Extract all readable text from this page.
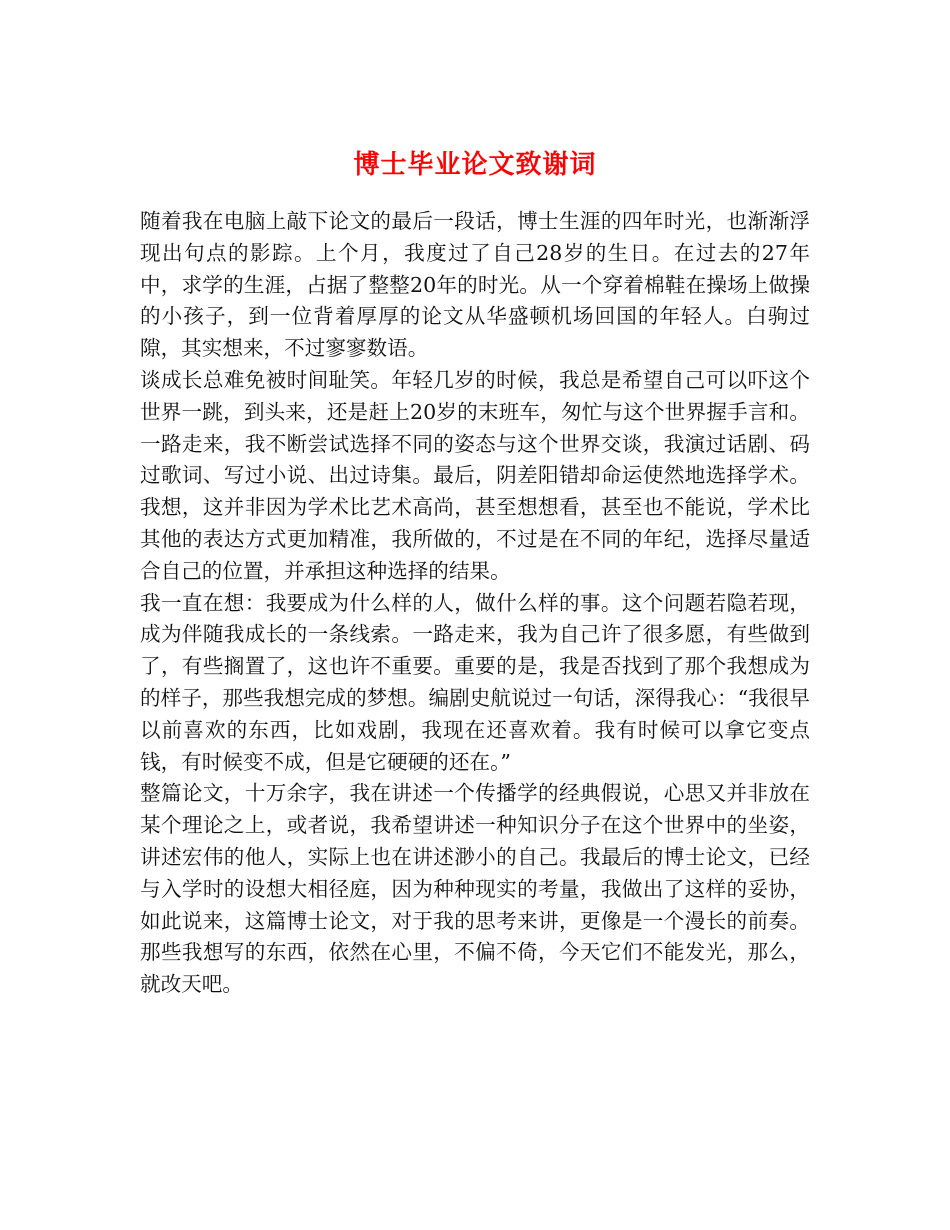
博士毕业论文致谢词

随着我在电脑上敲下论文的最后一段话，博士生涯的四年时光，也渐渐浮现出句点的影踪。上个月，我度过了自己28岁的生日。在过去的27年中，求学的生涯，占据了整整20年的时光。从一个穿着棉鞋在操场上做操的小孩子，到一位背着厚厚的论文从华盛顿机场回国的年轻人。白驹过隙，其实想来，不过寥寥数语。

谈成长总难免被时间耻笑。年轻几岁的时候，我总是希望自己可以吓这个世界一跳，到头来，还是赶上20岁的末班车，匆忙与这个世界握手言和。一路走来，我不断尝试选择不同的姿态与这个世界交谈，我演过话剧、码过歌词、写过小说、出过诗集。最后，阴差阳错却命运使然地选择学术。我想，这并非因为学术比艺术高尚，甚至想想看，甚至也不能说，学术比其他的表达方式更加精准，我所做的，不过是在不同的年纪，选择尽量适合自己的位置，并承担这种选择的结果。

我一直在想：我要成为什么样的人，做什么样的事。这个问题若隐若现，成为伴随我成长的一条线索。一路走来，我为自己许了很多愿，有些做到了，有些搁置了，这也许不重要。重要的是，我是否找到了那个我想成为的样子，那些我想完成的梦想。编剧史航说过一句话，深得我心：“我很早以前喜欢的东西，比如戏剧，我现在还喜欢着。我有时候可以拿它变点钱，有时候变不成，但是它硬硬的还在。”

整篇论文，十万余字，我在讲述一个传播学的经典假说，心思又并非放在某个理论之上，或者说，我希望讲述一种知识分子在这个世界中的坐姿，讲述宏伟的他人，实际上也在讲述渺小的自己。我最后的博士论文，已经与入学时的设想大相径庭，因为种种现实的考量，我做出了这样的妥协，如此说来，这篇博士论文，对于我的思考来讲，更像是一个漫长的前奏。那些我想写的东西，依然在心里，不偏不倚，今天它们不能发光，那么，就改天吧。
